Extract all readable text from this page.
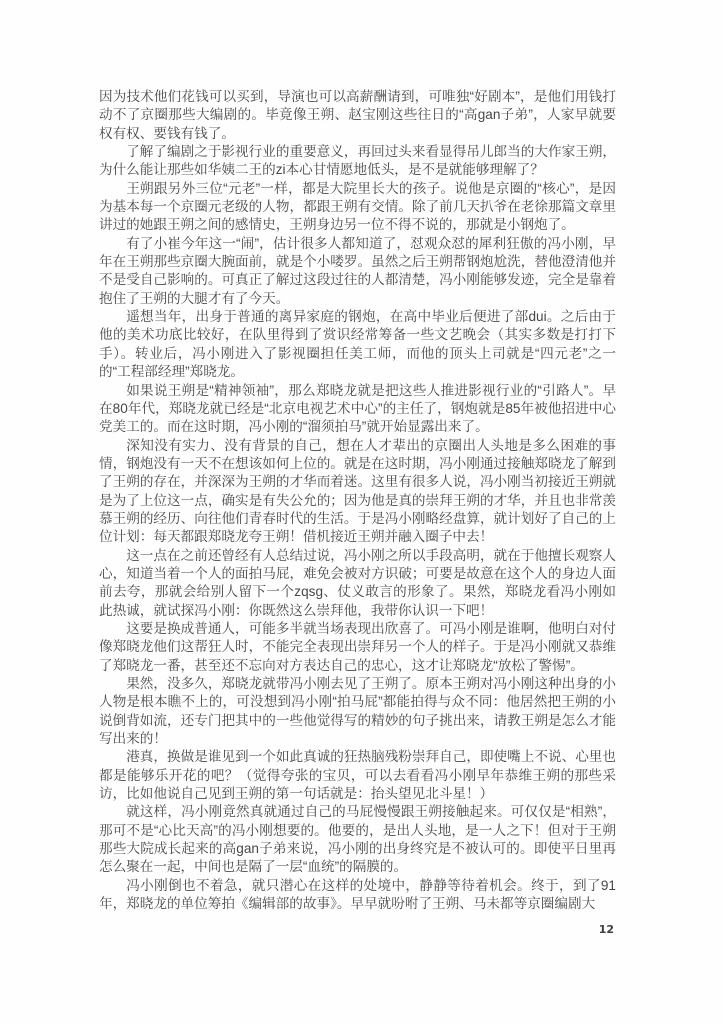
因为技术他们花钱可以买到，导演也可以高薪酬请到，可唯独“好剧本”，是他们用钱打动不了京圈那些大编剧的。毕竟像王朔、赵宝刚这些往日的“高gan子弟”，人家早就要权有权、要钱有钱了。

了解了编剧之于影视行业的重要意义，再回过头来看显得吊儿郎当的大作家王朔，为什么能让那些如华姨二王的zi本心甘情愿地低头，是不是就能够理解了？

王朔跟另外三位“元老”一样，都是大院里长大的孩子。说他是京圈的“核心”，是因为基本每一个京圈元老级的人物，都跟王朔有交情。除了前几天扒爷在老徐那篇文章里讲过的她跟王朔之间的感情史，王朔身边另一位不得不说的，那就是小钢炮了。

有了小崔今年这一“闹”，估计很多人都知道了，怼观众怼的犀利狂傲的冯小刚，早年在王朔那些京圈大腕面前，就是个小喽罗。虽然之后王朔帮钢炮尬洗，替他澄清他并不是受自己影响的。可真正了解过这段过往的人都清楚，冯小刚能够发迹，完全是靠着抱住了王朔的大腿才有了今天。

遥想当年，出身于普通的离异家庭的钢炮，在高中毕业后便进了部dui。之后由于他的美术功底比较好，在队里得到了赏识经常筹备一些文艺晚会（其实多数是打打下手）。转业后，冯小刚进入了影视圈担任美工师，而他的顶头上司就是“四元老”之一的“工程部经理”郑晓龙。

如果说王朔是“精神领袖”，那么郑晓龙就是把这些人推进影视行业的“引路人”。早在80年代，郑晓龙就已经是“北京电视艺术中心”的主任了，钢炮就是85年被他招进中心党美工的。而在这时期，冯小刚的“溜须拍马”就开始显露出来了。

深知没有实力、没有背景的自己，想在人才辈出的京圈出人头地是多么困难的事情，钢炮没有一天不在想该如何上位的。就是在这时期，冯小刚通过接触郑晓龙了解到了王朔的存在，并深深为王朔的才华而着迷。这里有很多人说，冯小刚当初接近王朔就是为了上位这一点，确实是有失公允的；因为他是真的崇拜王朔的才华，并且也非常羡慕王朔的经历、向往他们青春时代的生活。于是冯小刚略经盘算，就计划好了自己的上位计划：每天都跟郑晓龙夸王朔！借机接近王朔并融入圈子中去！

这一点在之前还曾经有人总结过说，冯小刚之所以手段高明，就在于他擅长观察人心，知道当着一个人的面拍马屁，难免会被对方识破；可要是故意在这个人的身边人面前去夸，那就会给别人留下一个zqsg、仗义敢言的形象了。果然，郑晓龙看冯小刚如此热诚，就试探冯小刚：你既然这么崇拜他，我带你认识一下吧！

这要是换成普通人，可能多半就当场表现出欣喜了。可冯小刚是谁啊，他明白对付像郑晓龙他们这帮狂人时，不能完全表现出崇拜另一个人的样子。于是冯小刚就又恭维了郑晓龙一番，甚至还不忘向对方表达自己的忠心，这才让郑晓龙“放松了警惕”。

果然，没多久，郑晓龙就带冯小刚去见了王朔了。原本王朔对冯小刚这种出身的小人物是根本瞧不上的，可没想到冯小刚“拍马屁”都能拍得与众不同：他居然把王朔的小说倒背如流，还专门把其中的一些他觉得写的精妙的句子挑出来，请教王朔是怎么才能写出来的！

港真，换做是谁见到一个如此真诚的狂热脑残粉崇拜自己，即使嘴上不说、心里也都是能够乐开花的吧？（觉得夸张的宝贝，可以去看看冯小刚早年恭维王朔的那些采访，比如他说自己见到王朔的第一句话就是：抬头望见北斗星！）

就这样，冯小刚竟然真就通过自己的马屁慢慢跟王朔接触起来。可仅仅是“相熟”，那可不是“心比天高”的冯小刚想要的。他要的，是出人头地，是一人之下！但对于王朔那些大院成长起来的高gan子弟来说，冯小刚的出身终究是不被认可的。即使平日里再怎么聚在一起，中间也是隔了一层“血统”的隔膜的。

冯小刚倒也不着急，就只潜心在这样的处境中，静静等待着机会。终于，到了91年，郑晓龙的单位筹拍《编辑部的故事》。早早就吩咐了王朔、马未都等京圈编剧大

12
